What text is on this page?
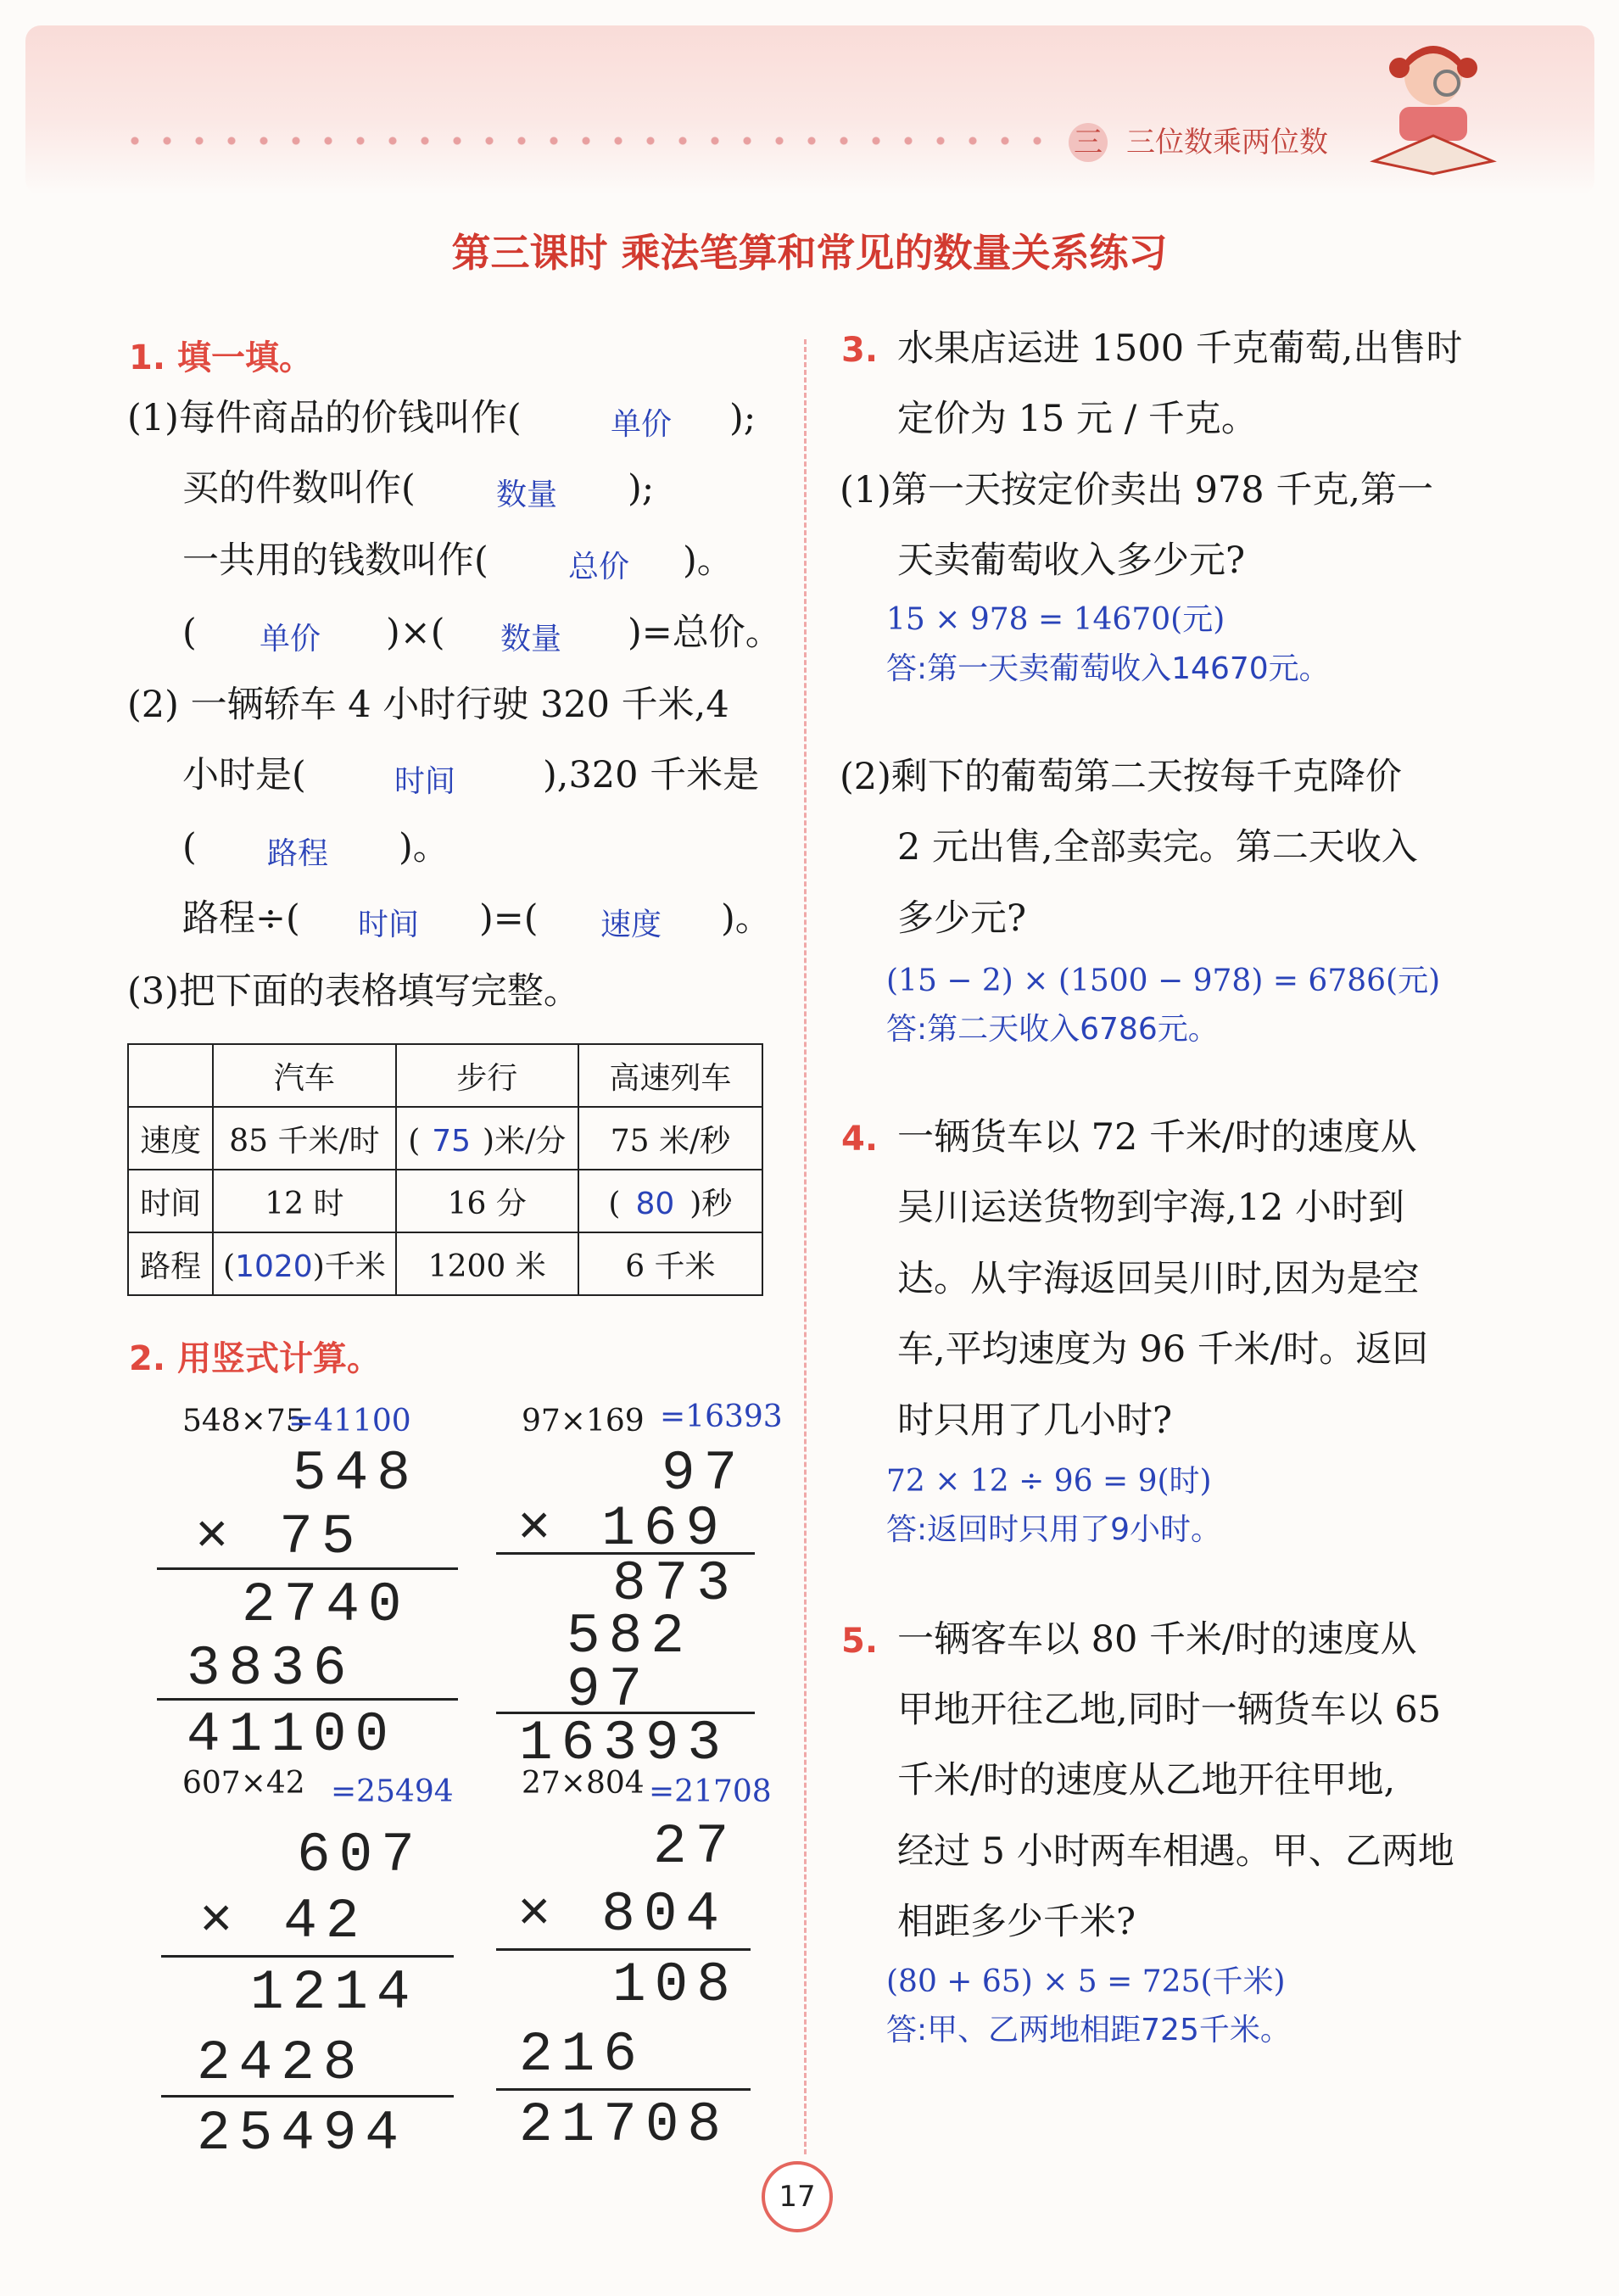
三 三位数乘两位数
第三课时 乘法笔算和常见的数量关系练习
1. 填一填。
(1)每件商品的价钱叫作(	单价 );
买的件数叫作(	数量 );
一共用的钱数叫作(	总价 )。
( 单价 )×( 数量 )=总价。
(2) 一辆轿车 4 小时行驶 320 千米,4
小时是(	时间 ),320 千米是
( 路程 )。
路程÷( 时间 )=( 速度 )。
(3)把下面的表格填写完整。
	汽车	步行	高速列车
速度	85 千米/时	( 75 )米/分	75 米/秒
时间	12 时	16 分	( 80 )秒
路程	(1020)千米	1200 米	6 千米
2. 用竖式计算。
548×75
=41100
548
× 75
2740
3836
41100
97×169 =16393
97
× 169
873
582
97
16393
607×42 =25494
607
× 42
1214
2428
25494
27×804 =21708
27
× 804
108
216
21708
3. 水果店运进 1500 千克葡萄,出售时
定价为 15 元 / 千克。
(1)第一天按定价卖出 978 千克,第一
天卖葡萄收入多少元?
15 × 978 = 14670(元)
答:第一天卖葡萄收入14670元。
(2)剩下的葡萄第二天按每千克降价
2 元出售,全部卖完。第二天收入
多少元?
(15 − 2) × (1500 − 978) = 6786(元)
答:第二天收入6786元。
4. 一辆货车以 72 千米/时的速度从
吴川运送货物到宇海,12 小时到
达。从宇海返回吴川时,因为是空
车,平均速度为 96 千米/时。返回
时只用了几小时?
72 × 12 ÷ 96 = 9(时)
答:返回时只用了9小时。
5. 一辆客车以 80 千米/时的速度从
甲地开往乙地,同时一辆货车以 65
千米/时的速度从乙地开往甲地,
经过 5 小时两车相遇。甲、乙两地
相距多少千米?
(80 + 65) × 5 = 725(千米)
答:甲、乙两地相距725千米。
17
